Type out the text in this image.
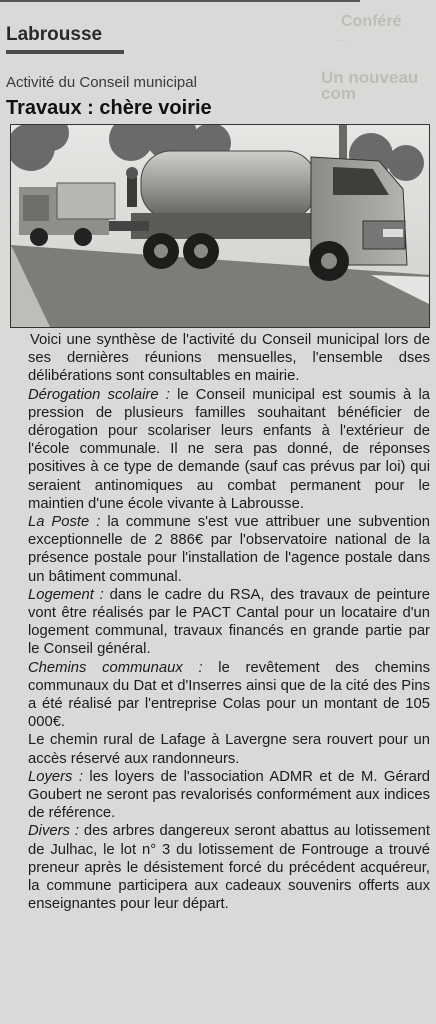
Conféré
…
Un nouveau com
Labrousse
Activité du Conseil municipal
Travaux : chère voirie

Voici une synthèse de l'activité du Conseil municipal lors de ses dernières réunions mensuelles, l'ensemble dses délibérations sont consultables en mairie.

Dérogation scolaire : le Conseil municipal est soumis à la pression de plusieurs familles souhaitant bénéficier de dérogation pour scolariser leurs enfants à l'extérieur de l'école communale. Il ne sera pas donné, de réponses positives à ce type de demande (sauf cas prévus par loi) qui seraient antinomiques au combat permanent pour le maintien d'une école vivante à Labrousse.

La Poste : la commune s'est vue attribuer une subvention exceptionnelle de 2 886€ par l'observatoire national de la présence postale pour l'installation de l'agence postale dans un bâtiment communal.

Logement : dans le cadre du RSA, des travaux de peinture vont être réalisés par le PACT Cantal pour un locataire d'un logement communal, travaux financés en grande partie par le Conseil général.

Chemins communaux : le revêtement des chemins communaux du Dat et d'Inserres ainsi que de la cité des Pins a été réalisé par l'entreprise Colas pour un montant de 105 000€.

Le chemin rural de Lafage à Lavergne sera rouvert pour un accès réservé aux randonneurs.

Loyers : les loyers de l'association ADMR et de M. Gérard Goubert ne seront pas revalorisés conformément aux indices de référence.

Divers : des arbres dangereux seront abattus au lotissement de Julhac, le lot n° 3 du lotissement de Fontrouge a trouvé preneur après le désistement forcé du précédent acquéreur, la commune participera aux cadeaux souvenirs offerts aux enseignantes pour leur départ.
